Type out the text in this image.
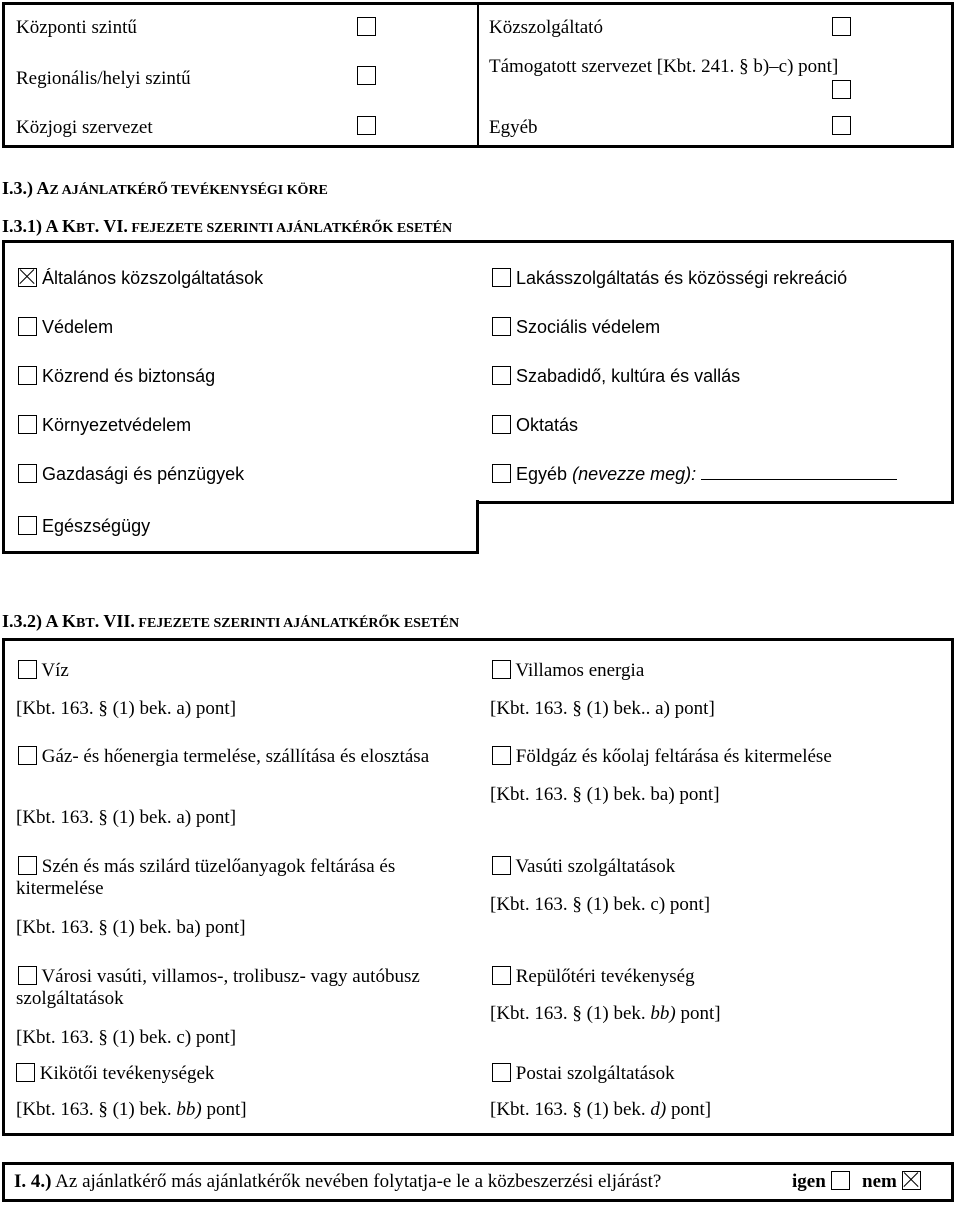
Központi szintű
Regionális/helyi szintű
Közjogi szervezet
Közszolgáltató
Támogatott szervezet [Kbt. 241. § b)–c) pont]
Egyéb
I.3.) AZ AJÁNLATKÉRŐ TEVÉKENYSÉGI KÖRE
I.3.1) A KBT. VI. FEJEZETE SZERINTI AJÁNLATKÉRŐK ESETÉN
Általános közszolgáltatások
Védelem
Közrend és biztonság
Környezetvédelem
Gazdasági és pénzügyek
Egészségügy
Lakásszolgáltatás és közösségi rekreáció
Szociális védelem
Szabadidő, kultúra és vallás
Oktatás
Egyéb (nevezze meg):
I.3.2) A KBT. VII. FEJEZETE SZERINTI AJÁNLATKÉRŐK ESETÉN
Víz
[Kbt. 163. § (1) bek. a) pont]
Gáz- és hőenergia termelése, szállítása és elosztása
[Kbt. 163. § (1) bek. a) pont]
Szén és más szilárd tüzelőanyagok feltárása és kitermelése
[Kbt. 163. § (1) bek. ba) pont]
Városi vasúti, villamos-, trolibusz- vagy autóbusz szolgáltatások
[Kbt. 163. § (1) bek. c) pont]
Kikötői tevékenységek
[Kbt. 163. § (1) bek. bb) pont]
Villamos energia
[Kbt. 163. § (1) bek.. a) pont]
Földgáz és kőolaj feltárása és kitermelése
[Kbt. 163. § (1) bek. ba) pont]
Vasúti szolgáltatások
[Kbt. 163. § (1) bek. c) pont]
Repülőtéri tevékenység
[Kbt. 163. § (1) bek. bb) pont]
Postai szolgáltatások
[Kbt. 163. § (1) bek. d) pont]
I. 4.) Az ajánlatkérő más ajánlatkérők nevében folytatja-e le a közbeszerzési eljárást?	igen	nem
